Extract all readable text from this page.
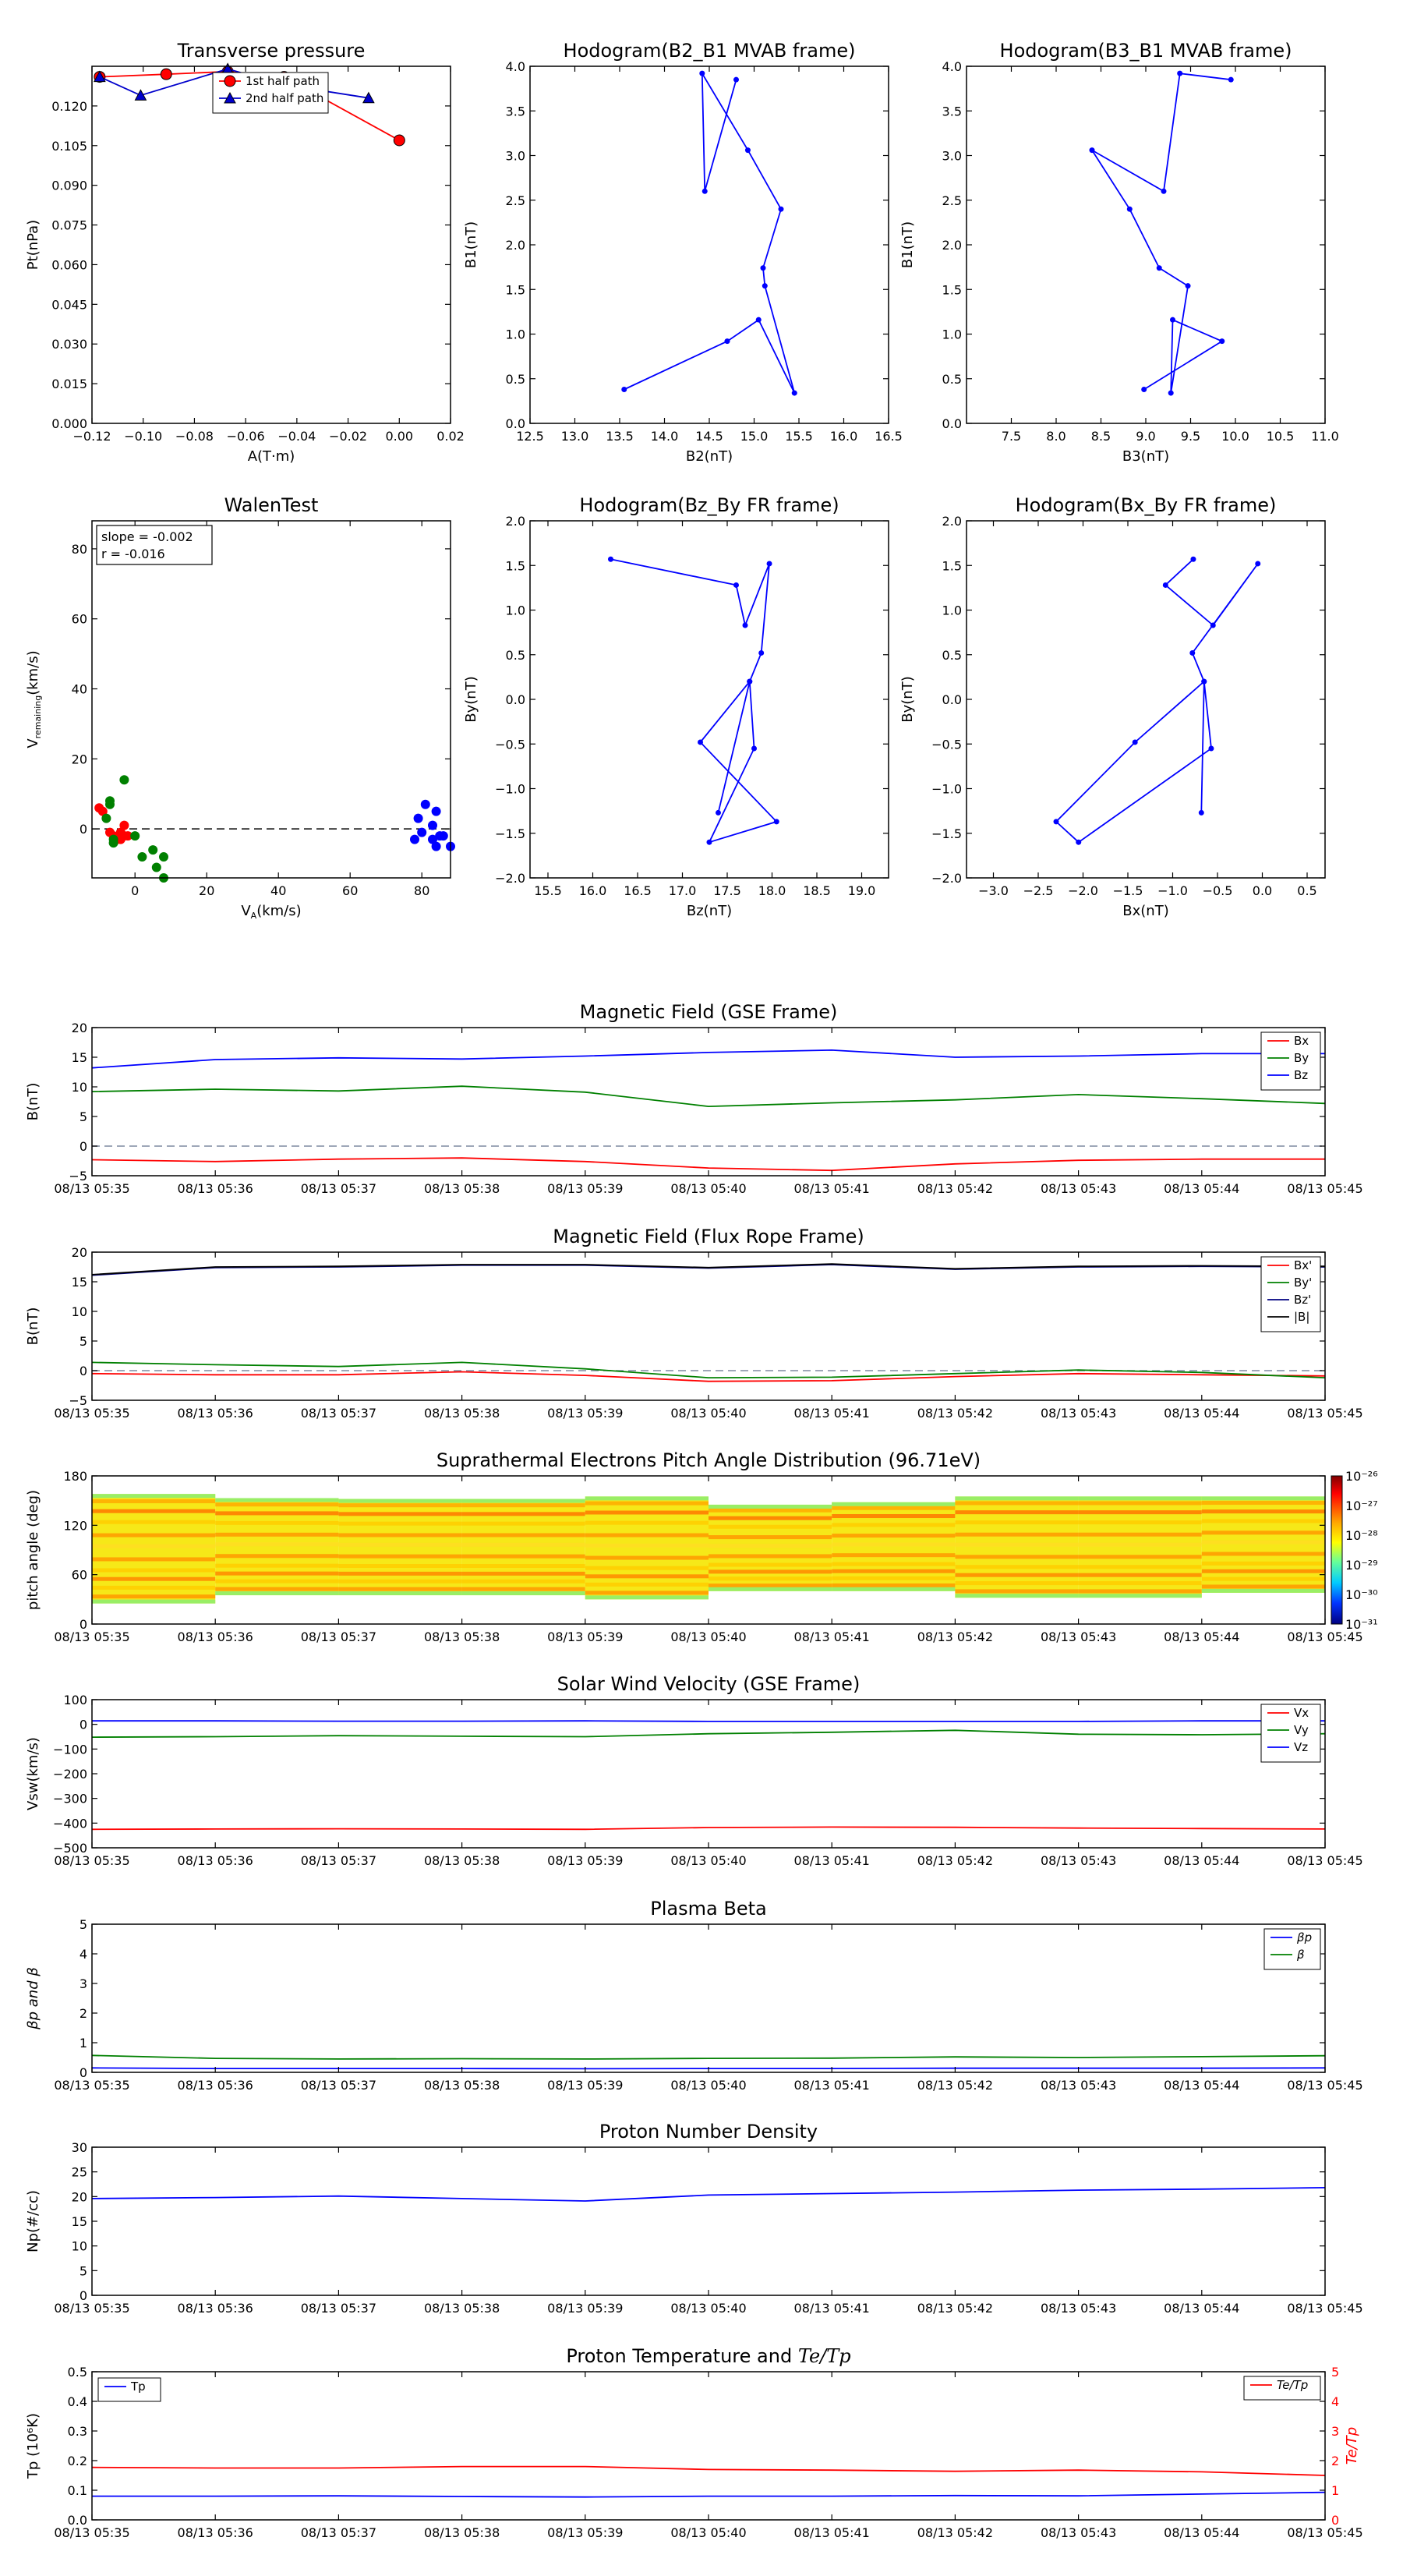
Transverse pressure
0.000
0.015
0.030
0.045
0.060
0.075
0.090
0.105
0.120
−0.12 −0.10 −0.08 −0.06 −0.04 −0.02 0.00 0.02
Pt(nPa)
A(T·m)
1st half path
2nd half path
Hodogram(B2_B1 MVAB frame)
0.0
0.5
1.0
1.5
2.0
2.5
3.0
3.5
4.0
12.5 13.0 13.5 14.0 14.5 15.0 15.5 16.0 16.5
B1(nT)
B2(nT)
Hodogram(B3_B1 MVAB frame)
0.0
0.5
1.0
1.5
2.0
2.5
3.0
3.5
4.0
7.5 8.0 8.5 9.0 9.5 10.0 10.5 11.0
B1(nT)
B3(nT)
WalenTest
0
20
40
60
80
0	20	40	60	80
$V_{remaining}(km/s)$
$V_A(km/s)$
slope = -0.002
r = -0.016
Hodogram(Bz_By FR frame)
−2.0
−1.5
−1.0
−0.5
0.0
0.5
1.0
1.5
2.0
15.5 16.0 16.5 17.0 17.5 18.0 18.5 19.0
By(nT)
Bz(nT)
Hodogram(Bx_By FR frame)
−2.0
−1.5
−1.0
−0.5
0.0
0.5
1.0
1.5
2.0
−3.0 −2.5 −2.0 −1.5 −1.0 −0.5 0.0 0.5
By(nT)
Bx(nT)
Magnetic Field (GSE Frame)
−5
0
5
10
15
20
08/13 05:35	08/13 05:36	08/13 05:37	08/13 05:38	08/13 05:39	08/13 05:40	08/13 05:41	08/13 05:42	08/13 05:43	08/13 05:44	08/13 05:45
B(nT)
Bx
By
Bz
Magnetic Field (Flux Rope Frame)
−5
0
5
10
15
20
08/13 05:35	08/13 05:36	08/13 05:37	08/13 05:38	08/13 05:39	08/13 05:40	08/13 05:41	08/13 05:42	08/13 05:43	08/13 05:44	08/13 05:45
B(nT)
Bx'
By'
Bz'
|B|
Suprathermal Electrons Pitch Angle Distribution (96.71eV)
0
60
120
180
08/13 05:35	08/13 05:36	08/13 05:37	08/13 05:38	08/13 05:39	08/13 05:40	08/13 05:41	08/13 05:42	08/13 05:43	08/13 05:44	08/13 05:45
pitch angle (deg)
10⁻²⁶
10⁻²⁷
10⁻²⁸
10⁻²⁹
10⁻³⁰
10⁻³¹
Solar Wind Velocity (GSE Frame)
−500
−400
−300
−200
−100
0
100
08/13 05:35	08/13 05:36	08/13 05:37	08/13 05:38	08/13 05:39	08/13 05:40	08/13 05:41	08/13 05:42	08/13 05:43	08/13 05:44	08/13 05:45
Vsw(km/s)
Vx
Vy
Vz
Plasma Beta
0
1
2
3
4
5
08/13 05:35	08/13 05:36	08/13 05:37	08/13 05:38	08/13 05:39	08/13 05:40	08/13 05:41	08/13 05:42	08/13 05:43	08/13 05:44	08/13 05:45
βp and β
βp
β
Proton Number Density
0
5
10
15
20
25
30
08/13 05:35	08/13 05:36	08/13 05:37	08/13 05:38	08/13 05:39	08/13 05:40	08/13 05:41	08/13 05:42	08/13 05:43	08/13 05:44	08/13 05:45
Np(#/cc)
Proton Temperature and Te/Tp
0.0
0.1
0.2
0.3
0.4
0.5
08/13 05:35	08/13 05:36	08/13 05:37	08/13 05:38	08/13 05:39	08/13 05:40	08/13 05:41	08/13 05:42	08/13 05:43	08/13 05:44	08/13 05:45
Tp (10⁶K)
0
1
2
3
4
5
Te/Tp
Tp	Te/Tp
